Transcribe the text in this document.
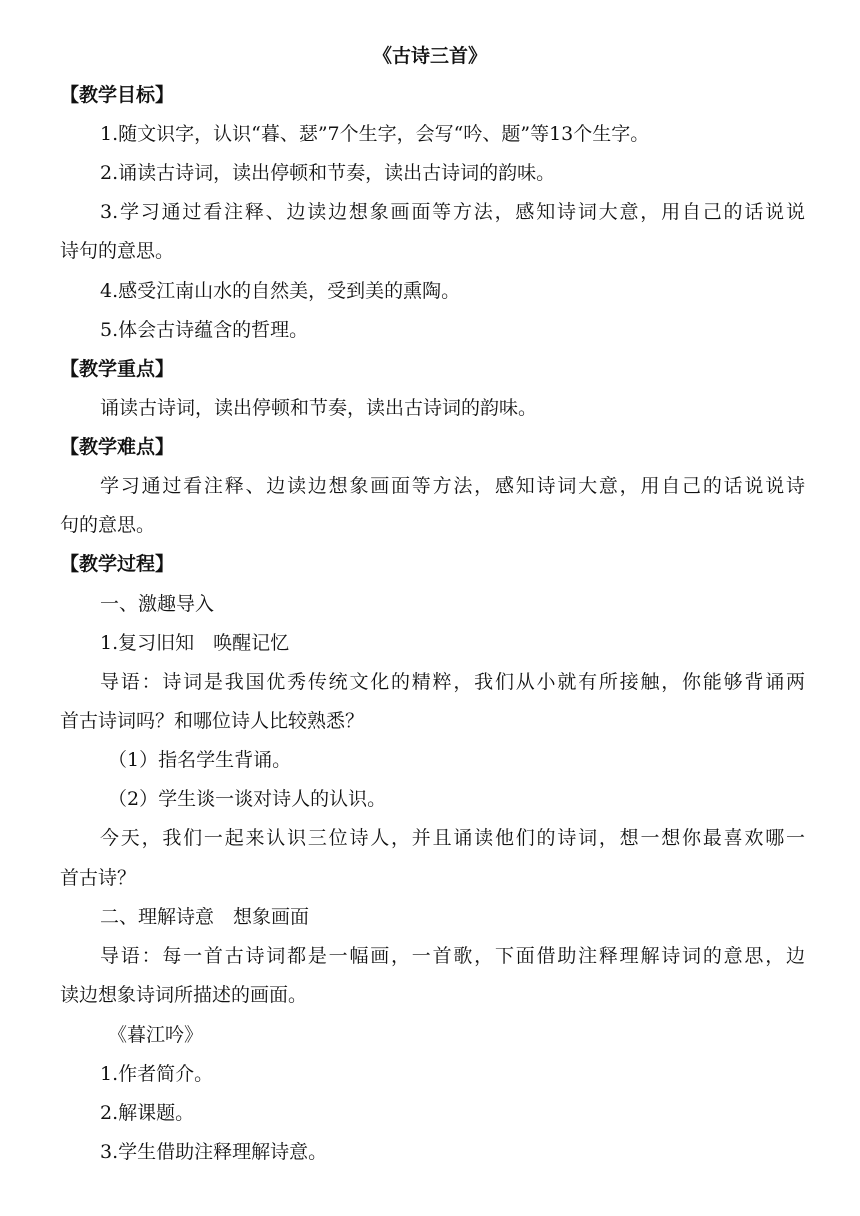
《古诗三首》
【教学目标】
1.随文识字，认识“暮、瑟”7个生字，会写“吟、题”等13个生字。
2.诵读古诗词，读出停顿和节奏，读出古诗词的韵味。
3.学习通过看注释、边读边想象画面等方法，感知诗词大意，用自己的话说说
诗句的意思。
4.感受江南山水的自然美，受到美的熏陶。
5.体会古诗蕴含的哲理。
【教学重点】
诵读古诗词，读出停顿和节奏，读出古诗词的韵味。
【教学难点】
学习通过看注释、边读边想象画面等方法，感知诗词大意，用自己的话说说诗
句的意思。
【教学过程】
一、激趣导入
1.复习旧知　唤醒记忆
导语：诗词是我国优秀传统文化的精粹，我们从小就有所接触，你能够背诵两
首古诗词吗？和哪位诗人比较熟悉？
（1）指名学生背诵。
（2）学生谈一谈对诗人的认识。
今天，我们一起来认识三位诗人，并且诵读他们的诗词，想一想你最喜欢哪一
首古诗？
二、理解诗意　想象画面
导语：每一首古诗词都是一幅画，一首歌，下面借助注释理解诗词的意思，边
读边想象诗词所描述的画面。
《暮江吟》
1.作者简介。
2.解课题。
3.学生借助注释理解诗意。
